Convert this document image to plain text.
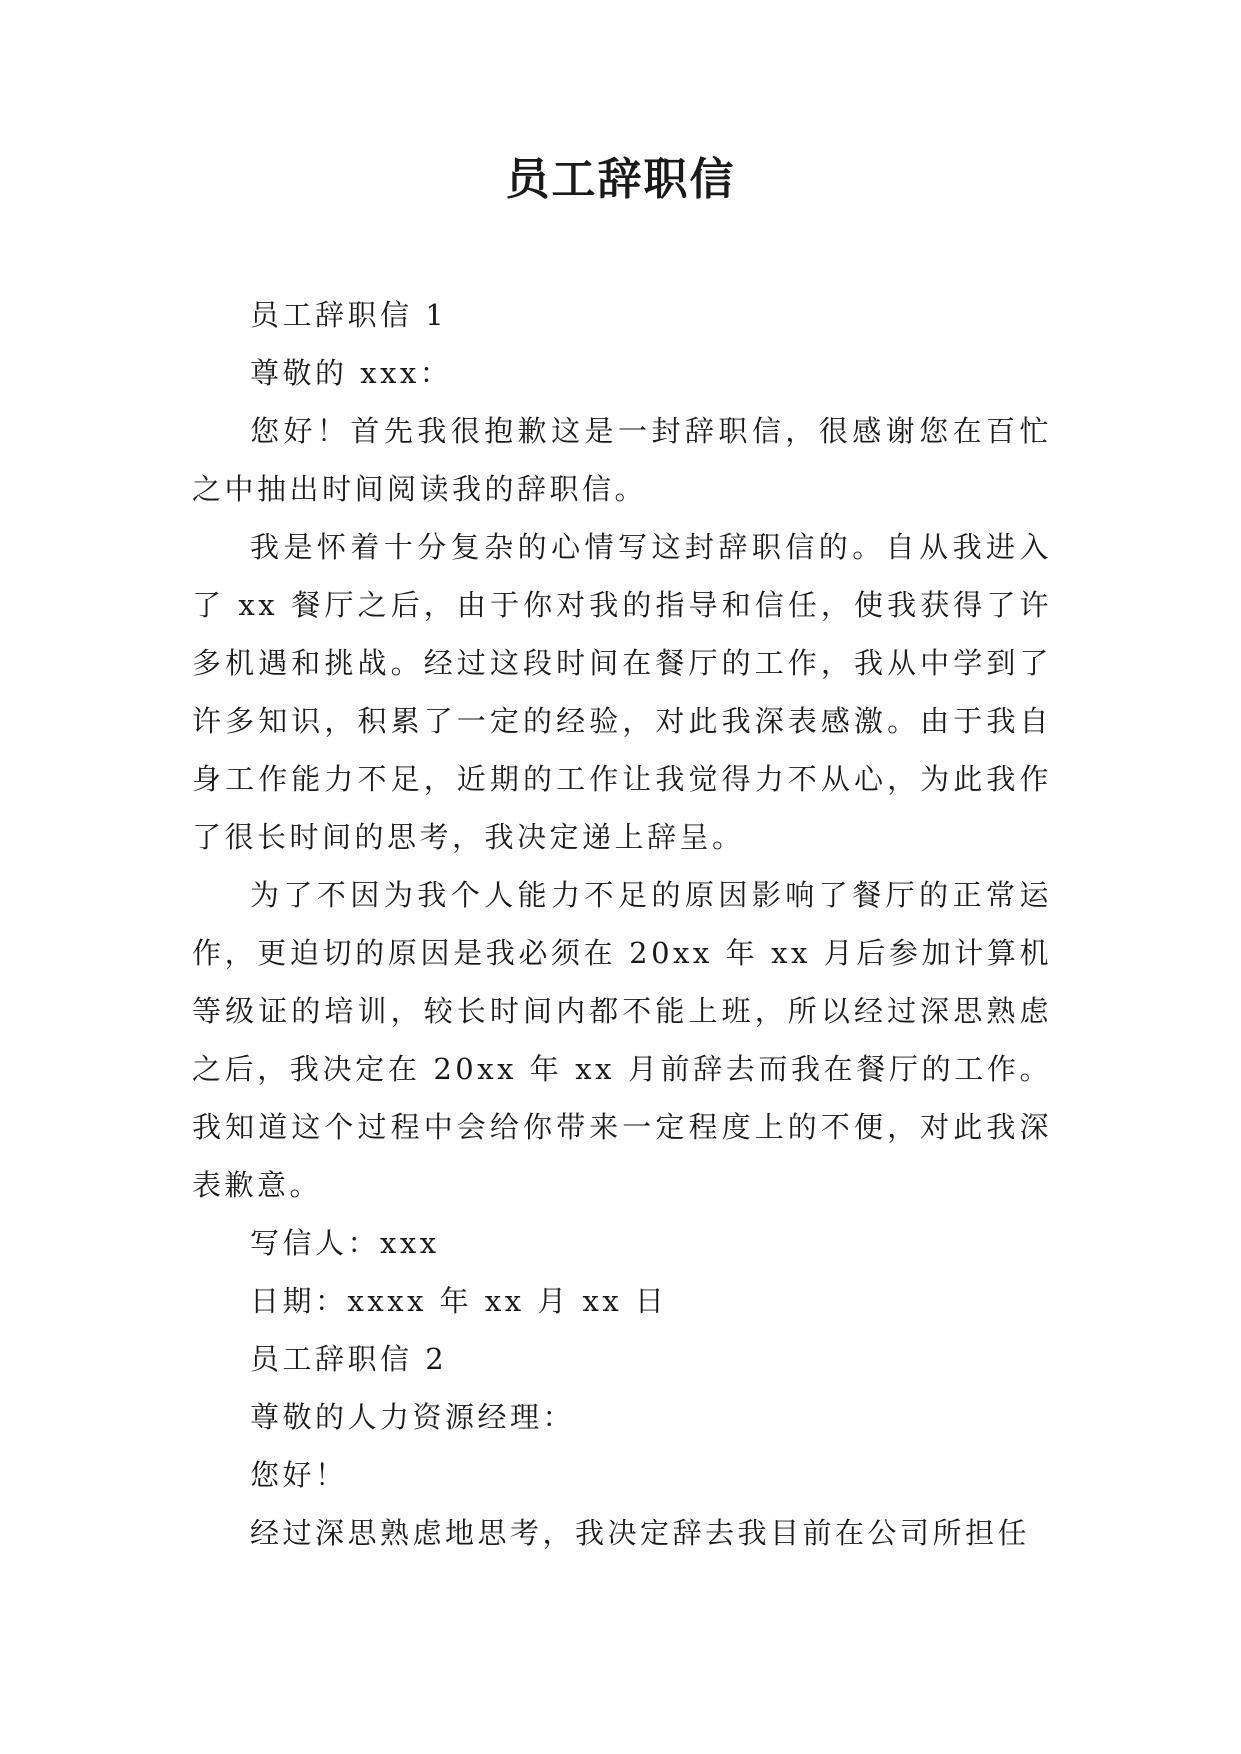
员工辞职信

员工辞职信 1

尊敬的 xxx：

您好！首先我很抱歉这是一封辞职信，很感谢您在百忙之中抽出时间阅读我的辞职信。

我是怀着十分复杂的心情写这封辞职信的。自从我进入了 xx 餐厅之后，由于你对我的指导和信任，使我获得了许多机遇和挑战。经过这段时间在餐厅的工作，我从中学到了许多知识，积累了一定的经验，对此我深表感激。由于我自身工作能力不足，近期的工作让我觉得力不从心，为此我作了很长时间的思考，我决定递上辞呈。

为了不因为我个人能力不足的原因影响了餐厅的正常运作，更迫切的原因是我必须在 20xx 年 xx 月后参加计算机等级证的培训，较长时间内都不能上班，所以经过深思熟虑之后，我决定在 20xx 年 xx 月前辞去而我在餐厅的工作。我知道这个过程中会给你带来一定程度上的不便，对此我深表歉意。

写信人：xxx

日期：xxxx 年 xx 月 xx 日

员工辞职信 2

尊敬的人力资源经理：

您好！

经过深思熟虑地思考，我决定辞去我目前在公司所担任
